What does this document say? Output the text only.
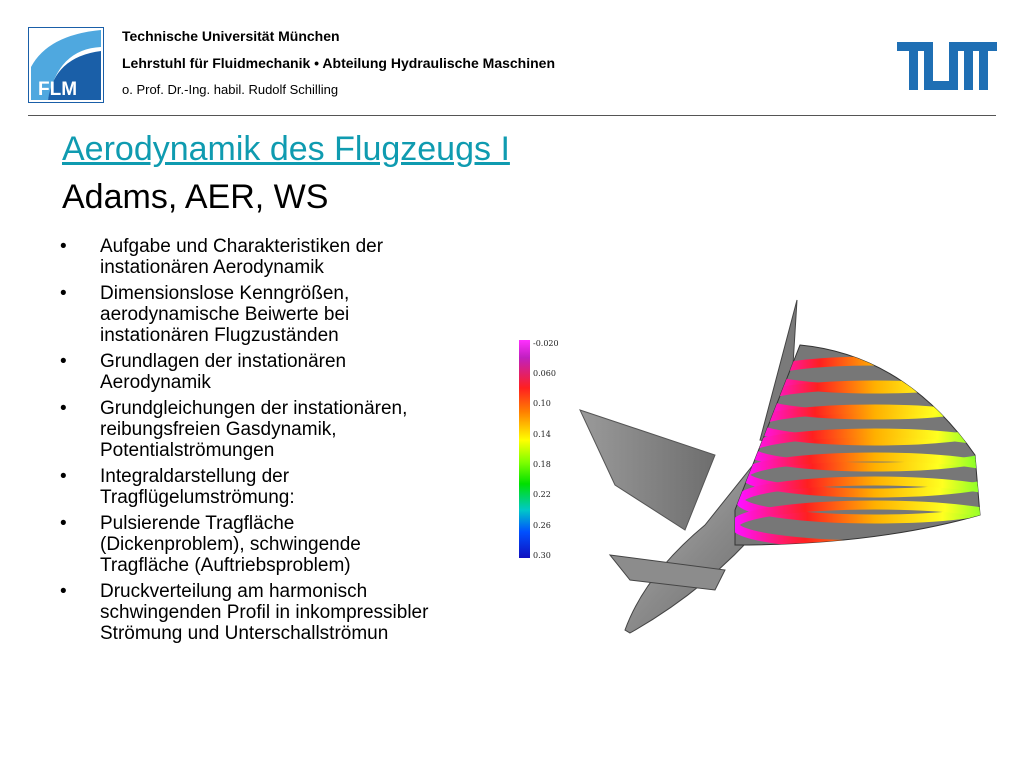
FLM
Technische Universität München
Lehrstuhl für Fluidmechanik • Abteilung Hydraulische Maschinen
o. Prof. Dr.-Ing. habil. Rudolf Schilling
Aerodynamik des Flugzeugs I
Adams, AER, WS
• Aufgabe und Charakteristiken der
instationären Aerodynamik
• Dimensionslose Kenngrößen,
aerodynamische Beiwerte bei
instationären Flugzuständen
• Grundlagen der instationären
Aerodynamik
• Grundgleichungen der instationären,
reibungsfreien Gasdynamik,
Potentialströmungen
• Integraldarstellung der
Tragflügelumströmung:
• Pulsierende Tragfläche
(Dickenproblem), schwingende
Tragfläche (Auftriebsproblem)
• Druckverteilung am harmonisch
schwingenden Profil in inkompressibler
Strömung und Unterschallströmun
-0.020
0.060
0.10
0.14
0.18
0.22
0.26
0.30
